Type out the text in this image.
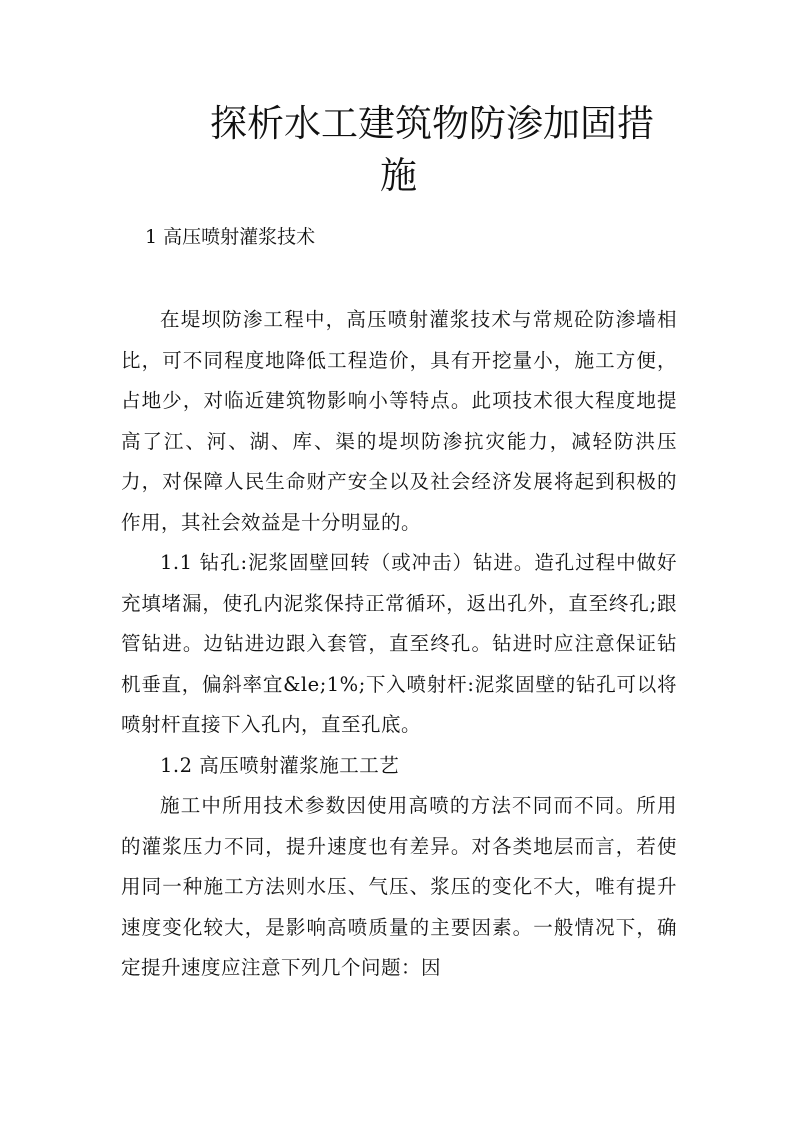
探析水工建筑物防渗加固措
施
1 高压喷射灌浆技术

在堤坝防渗工程中，高压喷射灌浆技术与常规砼防渗墙相比，可不同程度地降低工程造价，具有开挖量小，施工方便，占地少，对临近建筑物影响小等特点。此项技术很大程度地提高了江、河、湖、库、渠的堤坝防渗抗灾能力，减轻防洪压力，对保障人民生命财产安全以及社会经济发展将起到积极的作用，其社会效益是十分明显的。

1.1 钻孔:泥浆固壁回转（或冲击）钻进。造孔过程中做好充填堵漏，使孔内泥浆保持正常循环，返出孔外，直至终孔;跟管钻进。边钻进边跟入套管，直至终孔。钻进时应注意保证钻机垂直，偏斜率宜&le;1%;下入喷射杆:泥浆固壁的钻孔可以将喷射杆直接下入孔内，直至孔底。

1.2 高压喷射灌浆施工工艺

施工中所用技术参数因使用高喷的方法不同而不同。所用的灌浆压力不同，提升速度也有差异。对各类地层而言，若使用同一种施工方法则水压、气压、浆压的变化不大，唯有提升速度变化较大，是影响高喷质量的主要因素。一般情况下，确定提升速度应注意下列几个问题：因
